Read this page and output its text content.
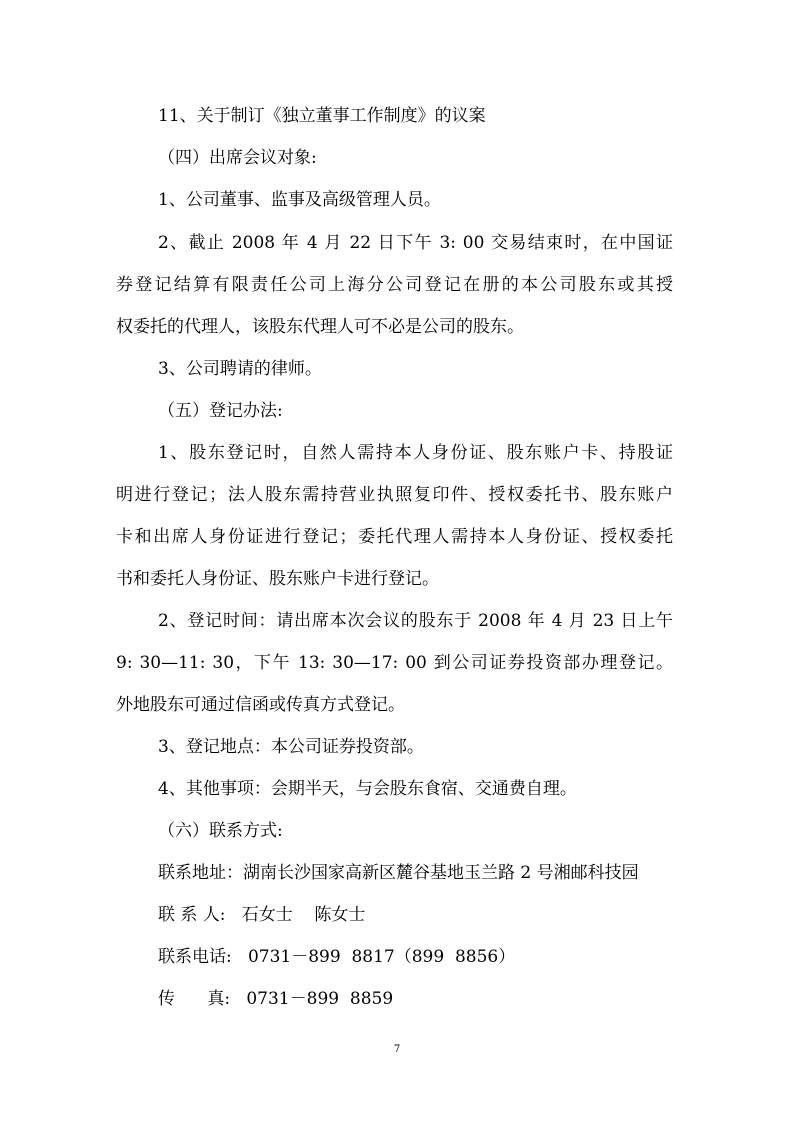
11、关于制订《独立董事工作制度》的议案

（四）出席会议对象:

1、公司董事、监事及高级管理人员。

2、截止 2008 年 4 月 22 日下午 3: 00 交易结束时，在中国证

券登记结算有限责任公司上海分公司登记在册的本公司股东或其授

权委托的代理人，该股东代理人可不必是公司的股东。

3、公司聘请的律师。

（五）登记办法:

1、股东登记时，自然人需持本人身份证、股东账户卡、持股证

明进行登记；法人股东需持营业执照复印件、授权委托书、股东账户

卡和出席人身份证进行登记；委托代理人需持本人身份证、授权委托

书和委托人身份证、股东账户卡进行登记。

2、登记时间：请出席本次会议的股东于 2008 年 4 月 23 日上午

9: 30—11: 30，下午 13: 30—17: 00 到公司证券投资部办理登记。

外地股东可通过信函或传真方式登记。

3、登记地点：本公司证券投资部。

4、其他事项：会期半天，与会股东食宿、交通费自理。

（六）联系方式:

联系地址：湖南长沙国家高新区麓谷基地玉兰路 2 号湘邮科技园

联 系 人:   石女士    陈女士

联系电话:   0731－899  8817（899  8856）

传      真:   0731－899  8859

7
